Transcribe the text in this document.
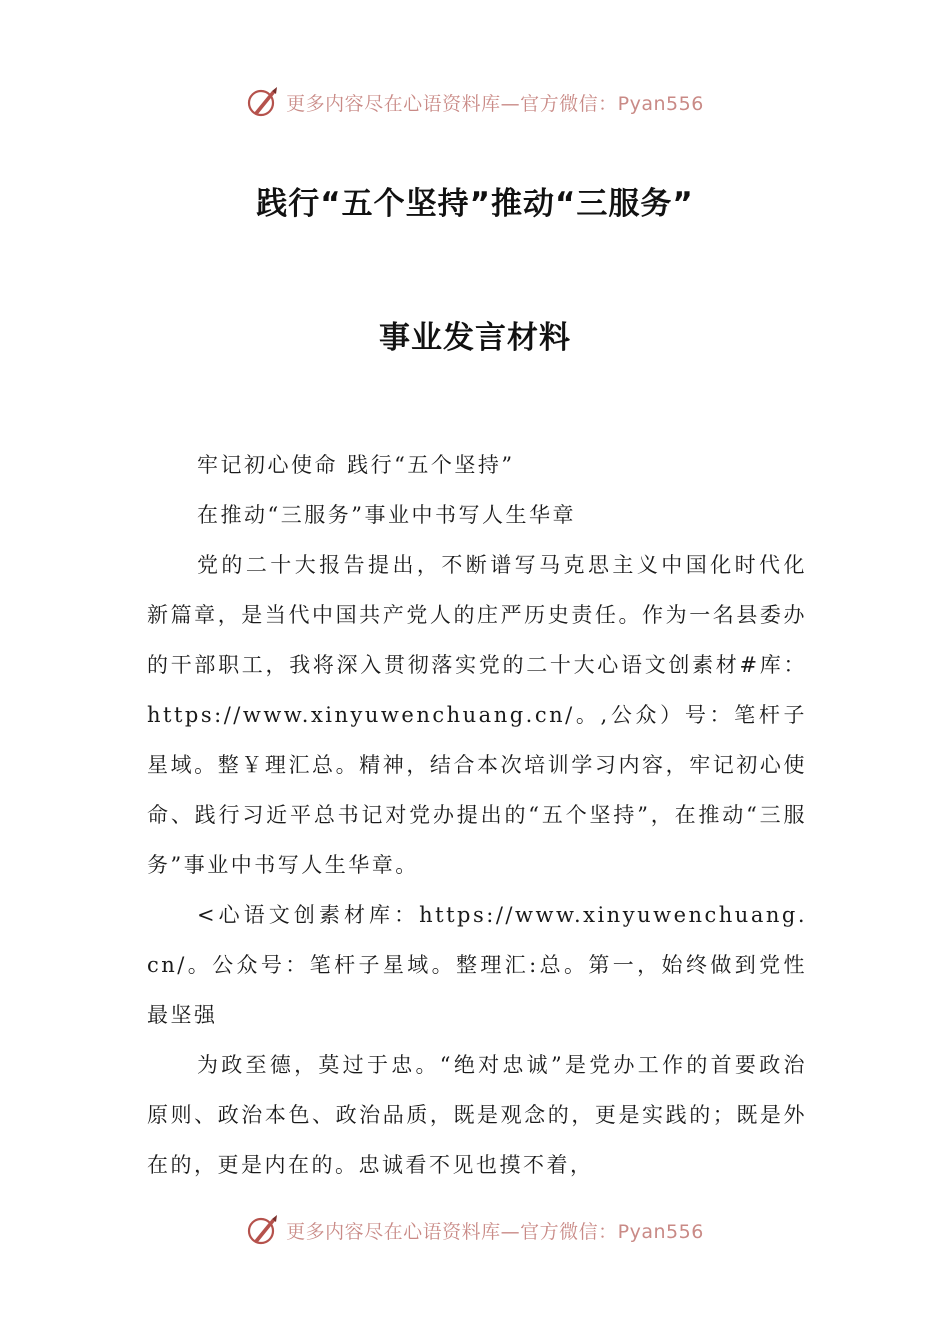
更多内容尽在心语资料库—官方微信：Pyan556
践行“五个坚持”推动“三服务”
事业发言材料

牢记初心使命 践行“五个坚持”

在推动“三服务”事业中书写人生华章

党的二十大报告提出，不断谱写马克思主义中国化时代化新篇章，是当代中国共产党人的庄严历史责任。作为一名县委办的干部职工，我将深入贯彻落实党的二十大心语文创素材#库：https://www.xinyuwenchuang.cn/。,公众）号：笔杆子星域。整￥理汇总。精神，结合本次培训学习内容，牢记初心使命、践行习近平总书记对党办提出的“五个坚持”，在推动“三服务”事业中书写人生华章。

<心语文创素材库：https://www.xinyuwenchuang.cn/。公众号：笔杆子星域。整理汇:总。第一，始终做到党性最坚强

为政至德，莫过于忠。“绝对忠诚”是党办工作的首要政治原则、政治本色、政治品质，既是观念的，更是实践的；既是外在的，更是内在的。忠诚看不见也摸不着，

更多内容尽在心语资料库—官方微信：Pyan556
